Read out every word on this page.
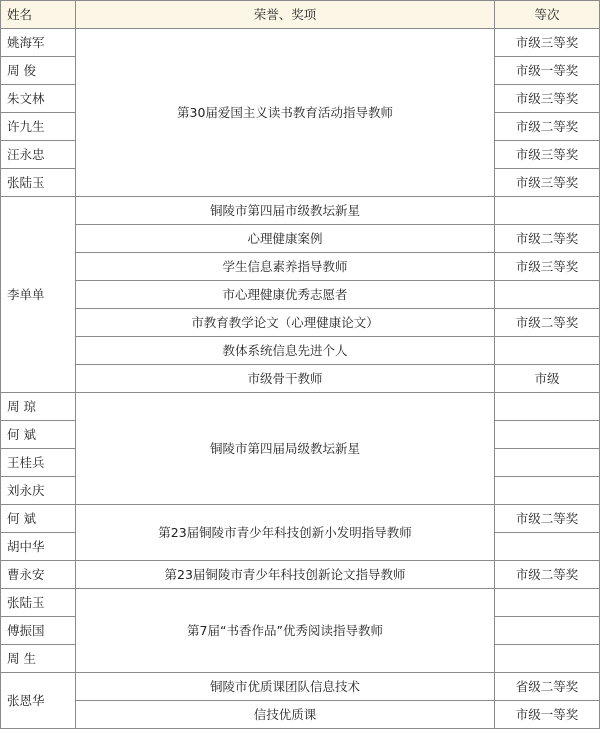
姓名	荣誉、奖项	等次
姚海军	第30届爱国主义读书教育活动指导教师	市级三等奖
周 俊		市级一等奖
朱文林		市级三等奖
许九生		市级二等奖
汪永忠		市级三等奖
张陆玉		市级三等奖
李单单	铜陵市第四届市级教坛新星	
	心理健康案例	市级二等奖
	学生信息素养指导教师	市级三等奖
	市心理健康优秀志愿者	
	市教育教学论文（心理健康论文）	市级二等奖
	教体系统信息先进个人	
	市级骨干教师	市级
周 琼	铜陵市第四届局级教坛新星	
何 斌		
王桂兵		
刘永庆		
何 斌	第23届铜陵市青少年科技创新小发明指导教师	市级二等奖
胡中华		
曹永安	第23届铜陵市青少年科技创新论文指导教师	市级二等奖
张陆玉	第7届“书香作品”优秀阅读指导教师	
傅振国		
周 生		
张恩华	铜陵市优质课团队信息技术	省级二等奖
	信技优质课	市级一等奖
